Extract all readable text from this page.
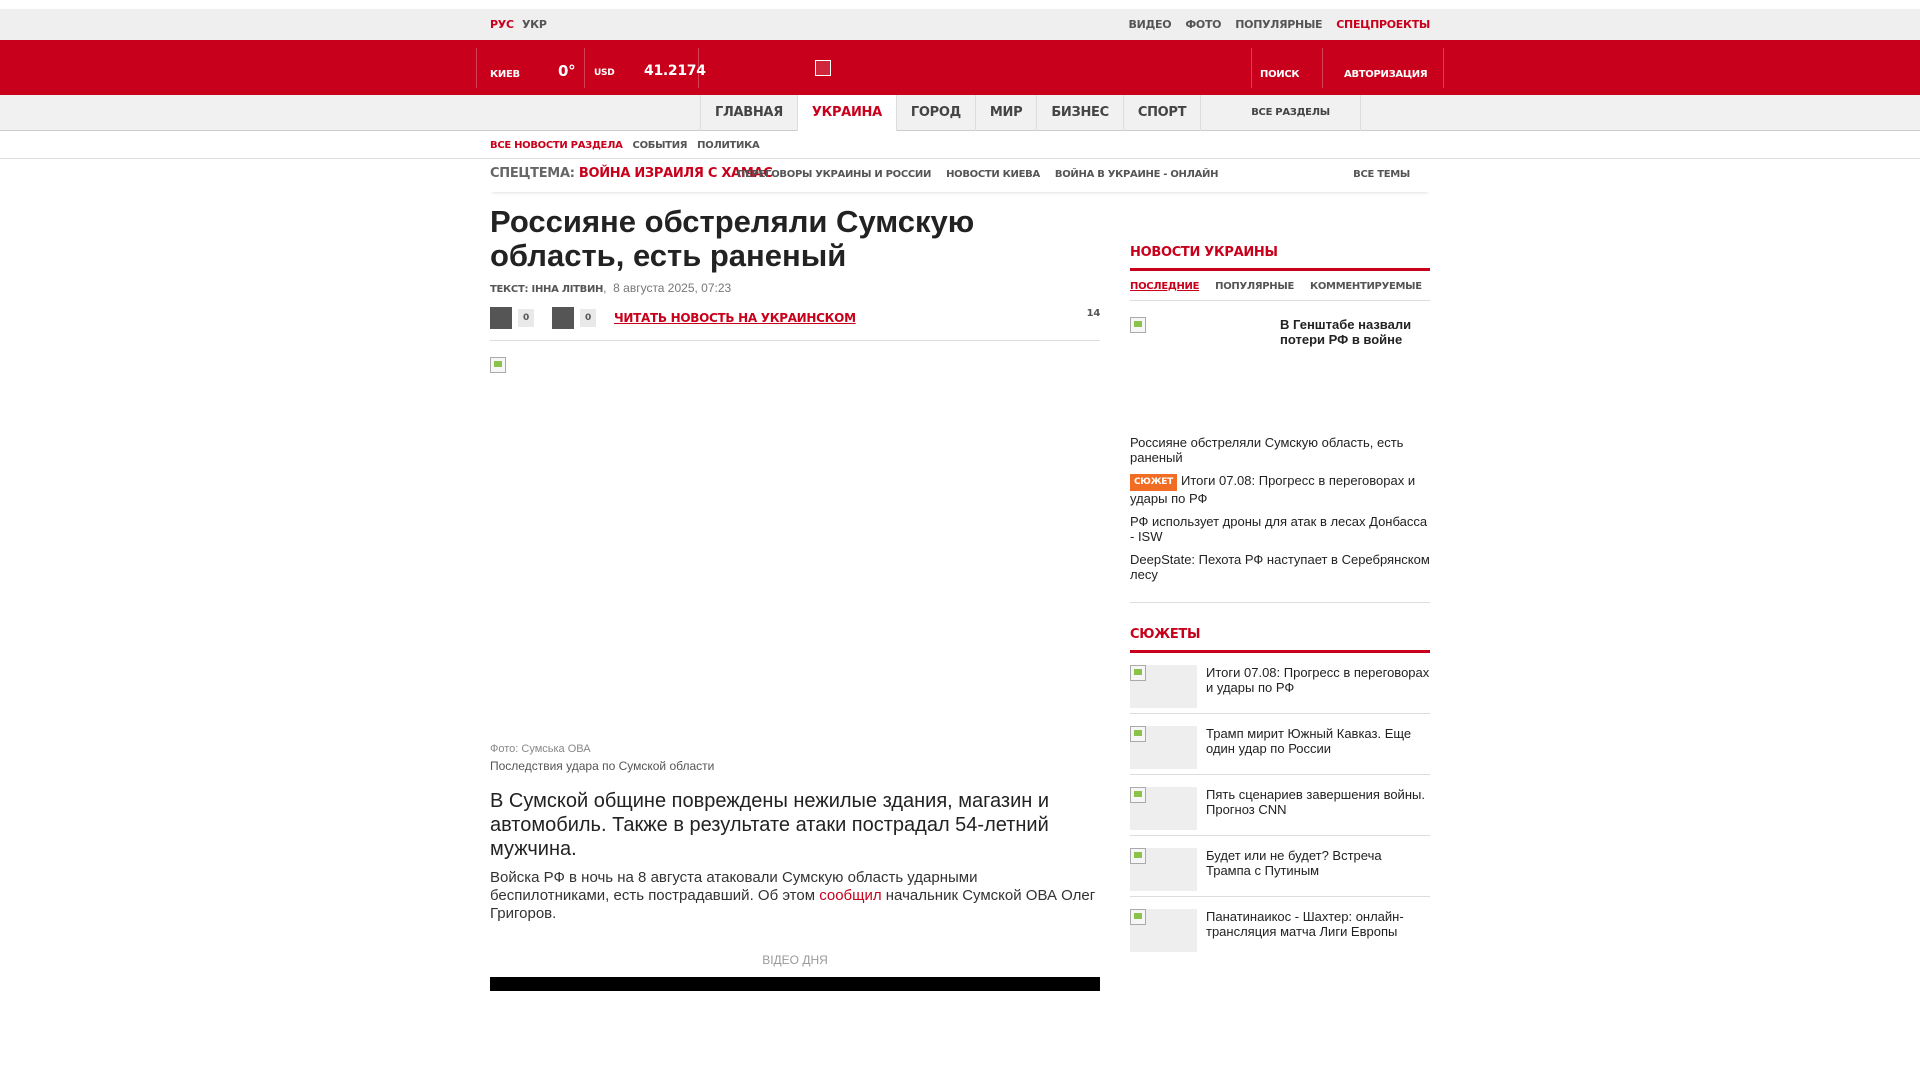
РУС УКР	ВИДЕО ФОТО ПОПУЛЯРНЫЕ СПЕЦПРОЕКТЫ
КИЕВ	0° USD 41.2174	ПОИСК	АВТОРИЗАЦИЯ
ГЛАВНАЯ	УКРАИНА	ГОРОД	МИР	БИЗНЕС	СПОРТ	ВСЕ РАЗДЕЛЫ
ВСЕ НОВОСТИ РАЗДЕЛА СОБЫТИЯ ПОЛИТИКА
СПЕЦТЕМА: ВОЙНА ИЗРАИЛЯ С ХАМАС
ПЕРЕГОВОРЫ УКРАИНЫ И РОССИИ НОВОСТИ КИЕВА ВОЙНА В УКРАИНЕ - ОНЛАЙН	ВСЕ ТЕМЫ
Россияне обстреляли Сумскую область, есть раненый
ТЕКСТ: ІННА ЛІТВИН,  8 августа 2025, 07:23
0	0	ЧИТАТЬ НОВОСТЬ НА УКРАИНСКОМ	14
Фото: Сумська ОВА
Последствия удара по Сумской области

В Сумской общине повреждены нежилые здания, магазин и автомобиль. Также в результате атаки пострадал 54-летний мужчина.

Войска РФ в ночь на 8 августа атаковали Сумскую область ударными беспилотниками, есть пострадавший. Об этом сообщил начальник Сумской ОВА Олег Григоров.

ВІДЕО ДНЯ
НОВОСТИ УКРАИНЫ
ПОСЛЕДНИЕ ПОПУЛЯРНЫЕ КОММЕНТИРУЕМЫЕ
В Генштабе назвали потери РФ в войне
Россияне обстреляли Сумскую область, есть раненый
СЮЖЕТ Итоги 07.08: Прогресс в переговорах и удары по РФ
РФ использует дроны для атак в лесах Донбасса - ISW
DeepState: Пехота РФ наступает в Серебрянском лесу
СЮЖЕТЫ
Итоги 07.08: Прогресс в переговорах и удары по РФ
Трамп мирит Южный Кавказ. Еще один удар по России
Пять сценариев завершения войны. Прогноз CNN
Будет или не будет? Встреча Трампа с Путиным
Панатинаикос - Шахтер: онлайн-трансляция матча Лиги Европы
